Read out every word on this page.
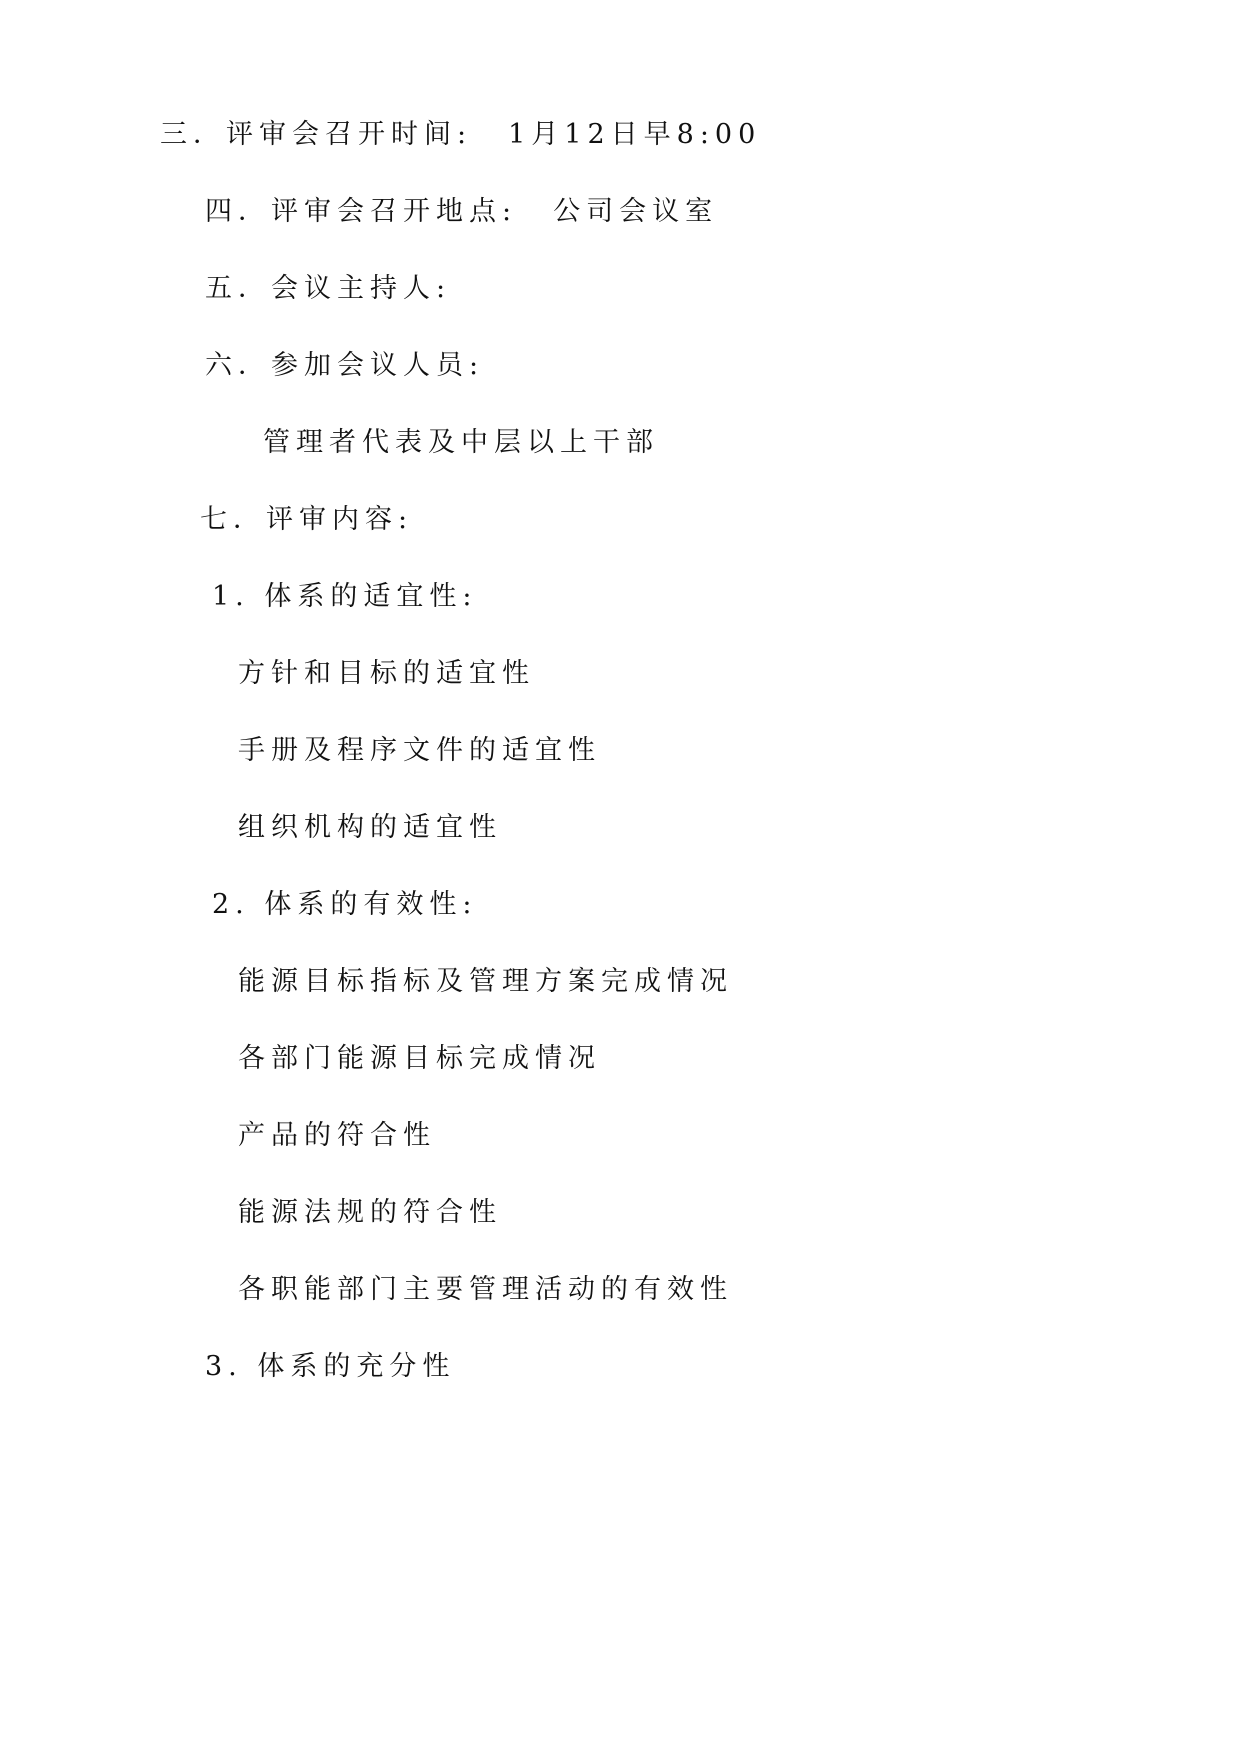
三．评审会召开时间: 1月12日早8:00
四．评审会召开地点: 公司会议室
五．会议主持人:
六．参加会议人员:
管理者代表及中层以上干部
七．评审内容:
1. 体系的适宜性:
方针和目标的适宜性
手册及程序文件的适宜性
组织机构的适宜性
2. 体系的有效性:
能源目标指标及管理方案完成情况
各部门能源目标完成情况
产品的符合性
能源法规的符合性
各职能部门主要管理活动的有效性
3. 体系的充分性
